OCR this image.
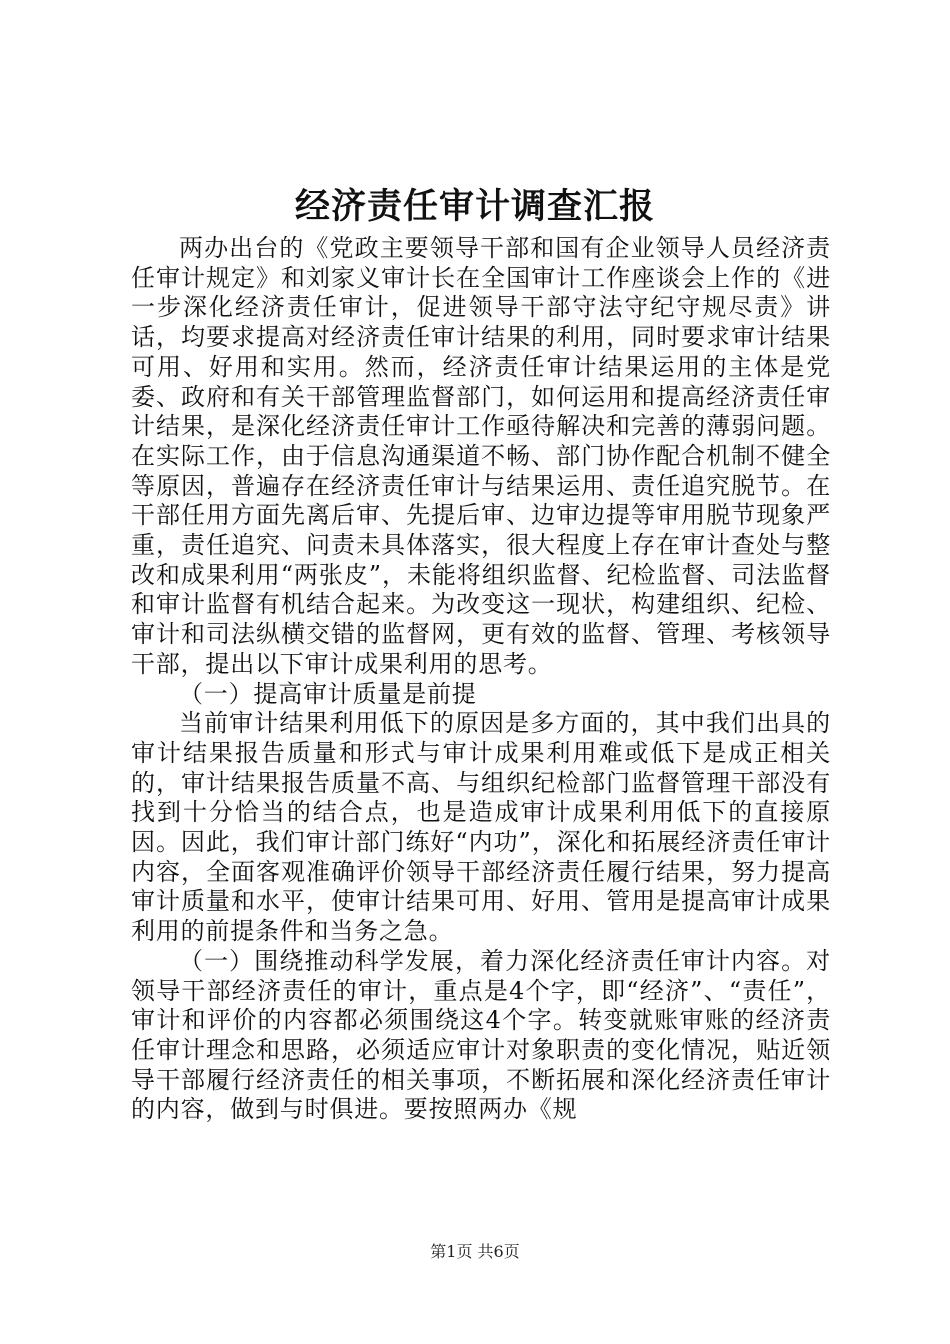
经济责任审计调查汇报

两办出台的《党政主要领导干部和国有企业领导人员经济责任审计规定》和刘家义审计长在全国审计工作座谈会上作的《进一步深化经济责任审计，促进领导干部守法守纪守规尽责》讲话，均要求提高对经济责任审计结果的利用，同时要求审计结果可用、好用和实用。然而，经济责任审计结果运用的主体是党委、政府和有关干部管理监督部门，如何运用和提高经济责任审计结果，是深化经济责任审计工作亟待解决和完善的薄弱问题。在实际工作，由于信息沟通渠道不畅、部门协作配合机制不健全等原因，普遍存在经济责任审计与结果运用、责任追究脱节。在干部任用方面先离后审、先提后审、边审边提等审用脱节现象严重，责任追究、问责未具体落实，很大程度上存在审计查处与整改和成果利用“两张皮”，未能将组织监督、纪检监督、司法监督和审计监督有机结合起来。为改变这一现状，构建组织、纪检、审计和司法纵横交错的监督网，更有效的监督、管理、考核领导干部，提出以下审计成果利用的思考。

（一）提高审计质量是前提

当前审计结果利用低下的原因是多方面的，其中我们出具的审计结果报告质量和形式与审计成果利用难或低下是成正相关的，审计结果报告质量不高、与组织纪检部门监督管理干部没有找到十分恰当的结合点，也是造成审计成果利用低下的直接原因。因此，我们审计部门练好“内功”，深化和拓展经济责任审计内容，全面客观准确评价领导干部经济责任履行结果，努力提高审计质量和水平，使审计结果可用、好用、管用是提高审计成果利用的前提条件和当务之急。

（一）围绕推动科学发展，着力深化经济责任审计内容。对领导干部经济责任的审计，重点是4个字，即“经济”、“责任”，审计和评价的内容都必须围绕这4个字。转变就账审账的经济责任审计理念和思路，必须适应审计对象职责的变化情况，贴近领导干部履行经济责任的相关事项，不断拓展和深化经济责任审计的内容，做到与时俱进。要按照两办《规

第1页 共6页
